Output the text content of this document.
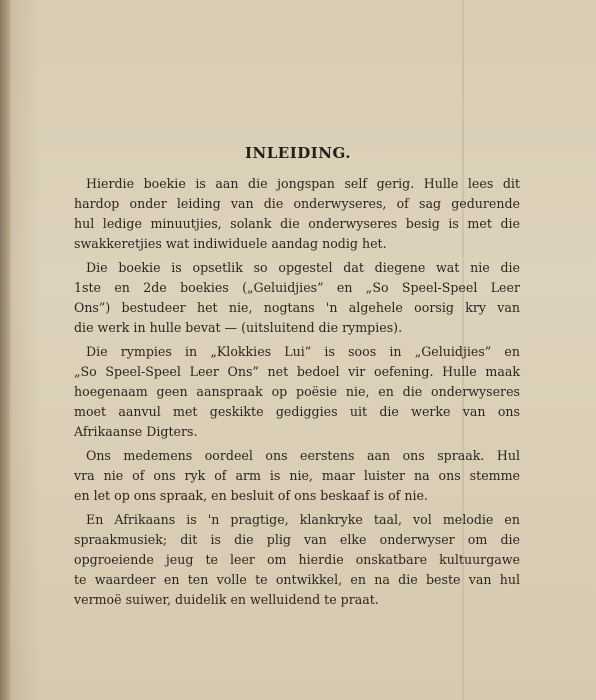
INLEIDING.
Hierdie boekie is aan die jongspan self gerig. Hulle lees dit
hardop onder leiding van die onderwyseres, of sag gedurende
hul ledige minuutjies, solank die onderwyseres besig is met die
swakkeretjies wat indiwiduele aandag nodig het.
Die boekie is opsetlik so opgestel dat diegene wat nie die
1ste en 2de boekies („Geluidjies” en „So Speel-Speel Leer
Ons”) bestudeer het nie, nogtans 'n algehele oorsig kry van
die werk in hulle bevat — (uitsluitend die rympies).
Die rympies in „Klokkies Lui” is soos in „Geluidjies” en
„So Speel-Speel Leer Ons” net bedoel vir oefening. Hulle maak
hoegenaam geen aanspraak op poësie nie, en die onderwyseres
moet aanvul met geskikte gediggies uit die werke van ons
Afrikaanse Digters.
Ons medemens oordeel ons eerstens aan ons spraak. Hul
vra nie of ons ryk of arm is nie, maar luister na ons stemme
en let op ons spraak, en besluit of ons beskaaf is of nie.
En Afrikaans is 'n pragtige, klankryke taal, vol melodie en
spraakmusiek; dit is die plig van elke onderwyser om die
opgroeiende jeug te leer om hierdie onskatbare kultuurgawe
te waardeer en ten volle te ontwikkel, en na die beste van hul
vermoë suiwer, duidelik en welluidend te praat.
